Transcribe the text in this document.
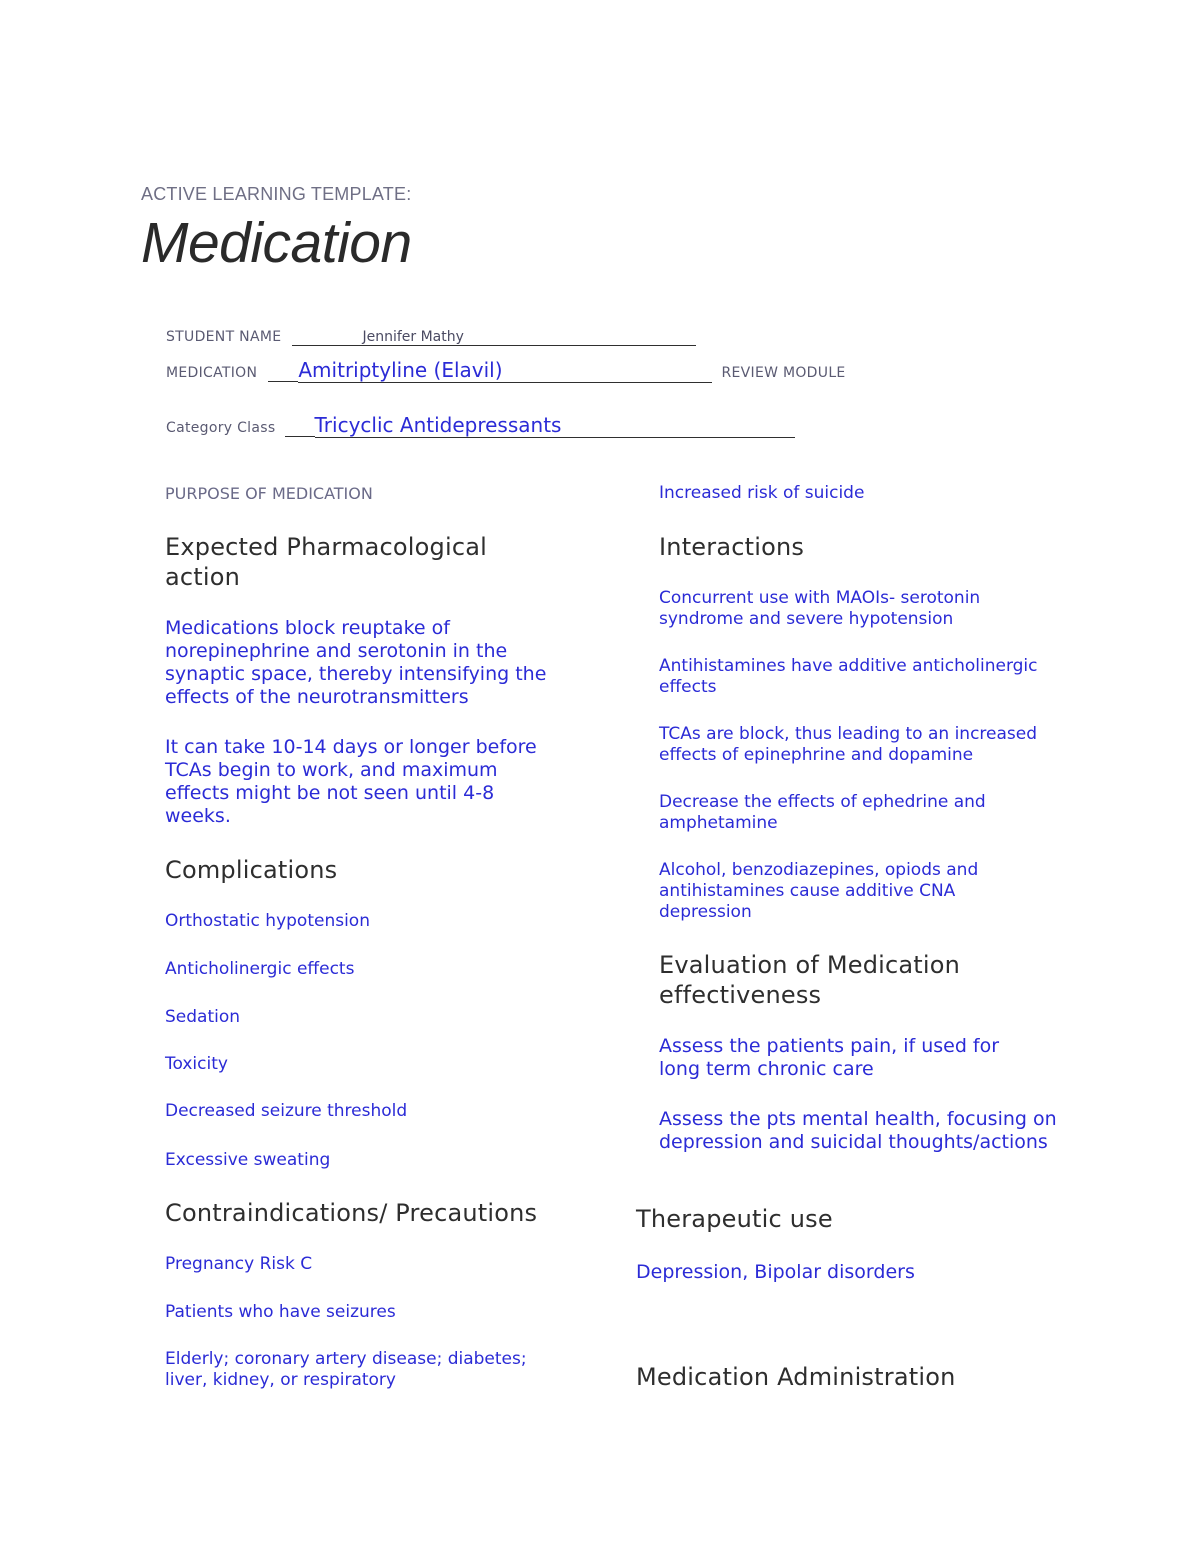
ACTIVE LEARNING TEMPLATE:

Medication

STUDENT NAME	Jennifer Mathy
MEDICATION Amitriptyline (Elavil)	REVIEW MODULE
Category Class Tricyclic Antidepressants

PURPOSE OF MEDICATION

Expected Pharmacological action

Medications block reuptake of norepinephrine and serotonin in the synaptic space, thereby intensifying the effects of the neurotransmitters

It can take 10-14 days or longer before TCAs begin to work, and maximum effects might be not seen until 4-8 weeks.

Complications

Orthostatic hypotension

Anticholinergic effects

Sedation

Toxicity

Decreased seizure threshold

Excessive sweating

Contraindications/ Precautions

Pregnancy Risk C

Patients who have seizures

Elderly; coronary artery disease; diabetes; liver, kidney, or respiratory

Increased risk of suicide

Interactions

Concurrent use with MAOIs- serotonin syndrome and severe hypotension

Antihistamines have additive anticholinergic effects

TCAs are block, thus leading to an increased effects of epinephrine and dopamine

Decrease the effects of ephedrine and amphetamine

Alcohol, benzodiazepines, opiods and antihistamines cause additive CNA depression

Evaluation of Medication effectiveness

Assess the patients pain, if used for long term chronic care

Assess the pts mental health, focusing on depression and suicidal thoughts/actions

Therapeutic use

Depression, Bipolar disorders

Medication Administration
